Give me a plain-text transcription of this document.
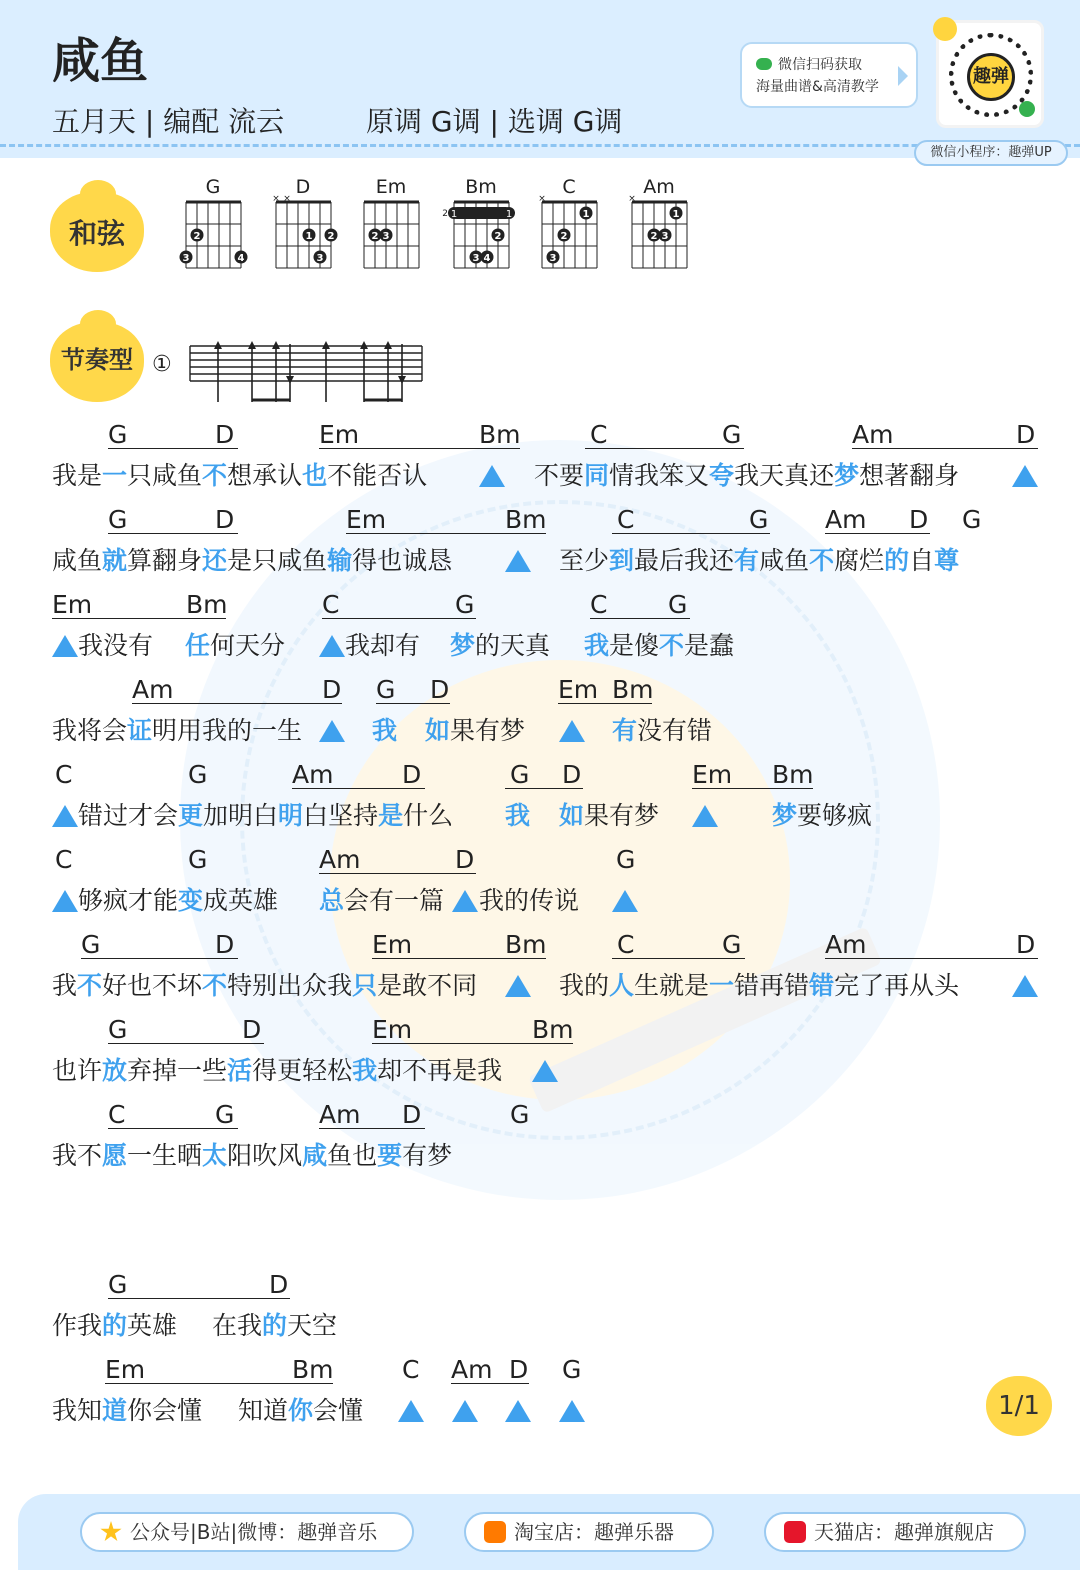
咸鱼
五月天 | 编配 流云	原调 G调 | 选调 G调
微信扫码获取
海量曲谱&高清教学	趣弹
微信小程序：趣弹UP
和弦
节奏型
G
2
3	4
D
× ×
1 2
3
Em
2 3
Bm
2 1	1
2
3 4
C
×
1
2
3
Am
×
1
2 3
①
G	D	Em	Bm	C	G	Am	D
我是一只咸鱼不想承认也不能否认	不要同情我笨又夸我天真还梦想著翻身
G	D	Em	Bm	C	G Am D G
咸鱼就算翻身还是只咸鱼输得也诚恳	至少到最后我还有咸鱼不腐烂的自尊
Em	Bm	C	G	C G
我没有 任何天分 我却有 梦的天真 我是傻不是蠢
Am	D G D	Em Bm
我将会证明用我的一生	我 如果有梦	有没有错
C	G	Am	D	G D	Em Bm
错过才会更加明白明白坚持是什么 我 如果有梦	梦要够疯
C	G	Am	D	G
够疯才能变成英雄 总会有一篇 我的传说
G	D	Em	Bm	C	G	Am	D
我不好也不坏不特别出众我只是敢不同	我的人生就是一错再错错完了再从头
G	D	Em	Bm
也许放弃掉一些活得更轻松我却不再是我
C	G	Am D	G
我不愿一生晒太阳吹风咸鱼也要有梦
G	D
作我的英雄 在我的天空
Em	Bm	C Am D G
我知道你会懂 知道你会懂	1/1
公众号|B站|微博：趣弹音乐	淘宝店：趣弹乐器	天猫店：趣弹旗舰店
